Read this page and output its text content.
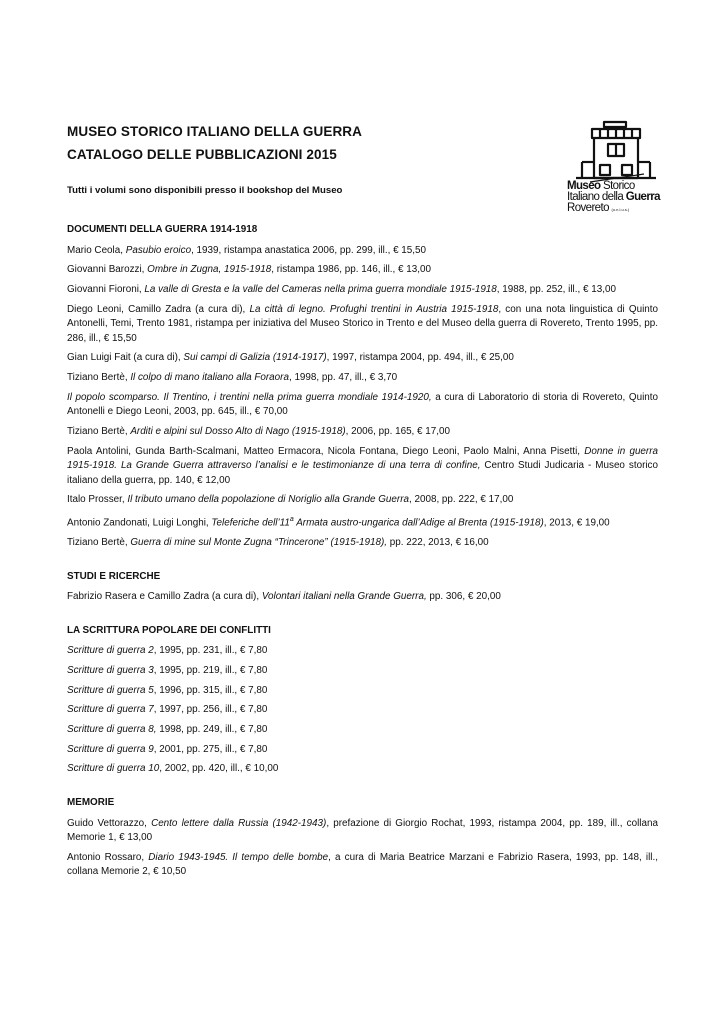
Museo Storico
Italiano della Guerra
Rovereto (o.n.l.u.s.)
MUSEO STORICO ITALIANO DELLA GUERRA
CATALOGO DELLE PUBBLICAZIONI 2015
Tutti i volumi sono disponibili presso il bookshop del Museo
DOCUMENTI DELLA GUERRA 1914-1918
Mario Ceola, Pasubio eroico, 1939, ristampa anastatica 2006, pp. 299, ill., € 15,50
Giovanni Barozzi, Ombre in Zugna, 1915-1918, ristampa 1986, pp. 146, ill., € 13,00
Giovanni Fioroni, La valle di Gresta e la valle del Cameras nella prima guerra mondiale 1915-1918, 1988, pp. 252, ill., € 13,00
Diego Leoni, Camillo Zadra (a cura di), La città di legno. Profughi trentini in Austria 1915-1918, con una nota linguistica di Quinto Antonelli, Temi, Trento 1981, ristampa per iniziativa del Museo Storico in Trento e del Museo della guerra di Rovereto, Trento 1995, pp. 286, ill., € 15,50
Gian Luigi Fait (a cura di), Sui campi di Galizia (1914-1917), 1997, ristampa 2004, pp. 494, ill., € 25,00
Tiziano Bertè, Il colpo di mano italiano alla Foraora, 1998, pp. 47, ill., € 3,70
Il popolo scomparso. Il Trentino, i trentini nella prima guerra mondiale 1914-1920, a cura di Laboratorio di storia di Rovereto, Quinto Antonelli e Diego Leoni, 2003, pp. 645, ill., € 70,00
Tiziano Bertè, Arditi e alpini sul Dosso Alto di Nago (1915-1918), 2006, pp. 165, € 17,00
Paola Antolini, Gunda Barth-Scalmani, Matteo Ermacora, Nicola Fontana, Diego Leoni, Paolo Malni, Anna Pisetti, Donne in guerra 1915-1918. La Grande Guerra attraverso l’analisi e le testimonianze di una terra di confine, Centro Studi Judicaria - Museo storico italiano della guerra, pp. 140, € 12,00
Italo Prosser, Il tributo umano della popolazione di Noriglio alla Grande Guerra, 2008, pp. 222, € 17,00
Antonio Zandonati, Luigi Longhi, Teleferiche dell’11$^a$ Armata austro-ungarica dall’Adige al Brenta (1915-1918), 2013, € 19,00
Tiziano Bertè, Guerra di mine sul Monte Zugna “Trincerone” (1915-1918), pp. 222, 2013, € 16,00
STUDI E RICERCHE
Fabrizio Rasera e Camillo Zadra (a cura di), Volontari italiani nella Grande Guerra, pp. 306, € 20,00
LA SCRITTURA POPOLARE DEI CONFLITTI
Scritture di guerra 2, 1995, pp. 231, ill., € 7,80
Scritture di guerra 3, 1995, pp. 219, ill., € 7,80
Scritture di guerra 5, 1996, pp. 315, ill., € 7,80
Scritture di guerra 7, 1997, pp. 256, ill., € 7,80
Scritture di guerra 8, 1998, pp. 249, ill., € 7,80
Scritture di guerra 9, 2001, pp. 275, ill., € 7,80
Scritture di guerra 10, 2002, pp. 420, ill., € 10,00
MEMORIE
Guido Vettorazzo, Cento lettere dalla Russia (1942-1943), prefazione di Giorgio Rochat, 1993, ristampa 2004, pp. 189, ill., collana Memorie 1, € 13,00
Antonio Rossaro, Diario 1943-1945. Il tempo delle bombe, a cura di Maria Beatrice Marzani e Fabrizio Rasera, 1993, pp. 148, ill., collana Memorie 2, € 10,50
